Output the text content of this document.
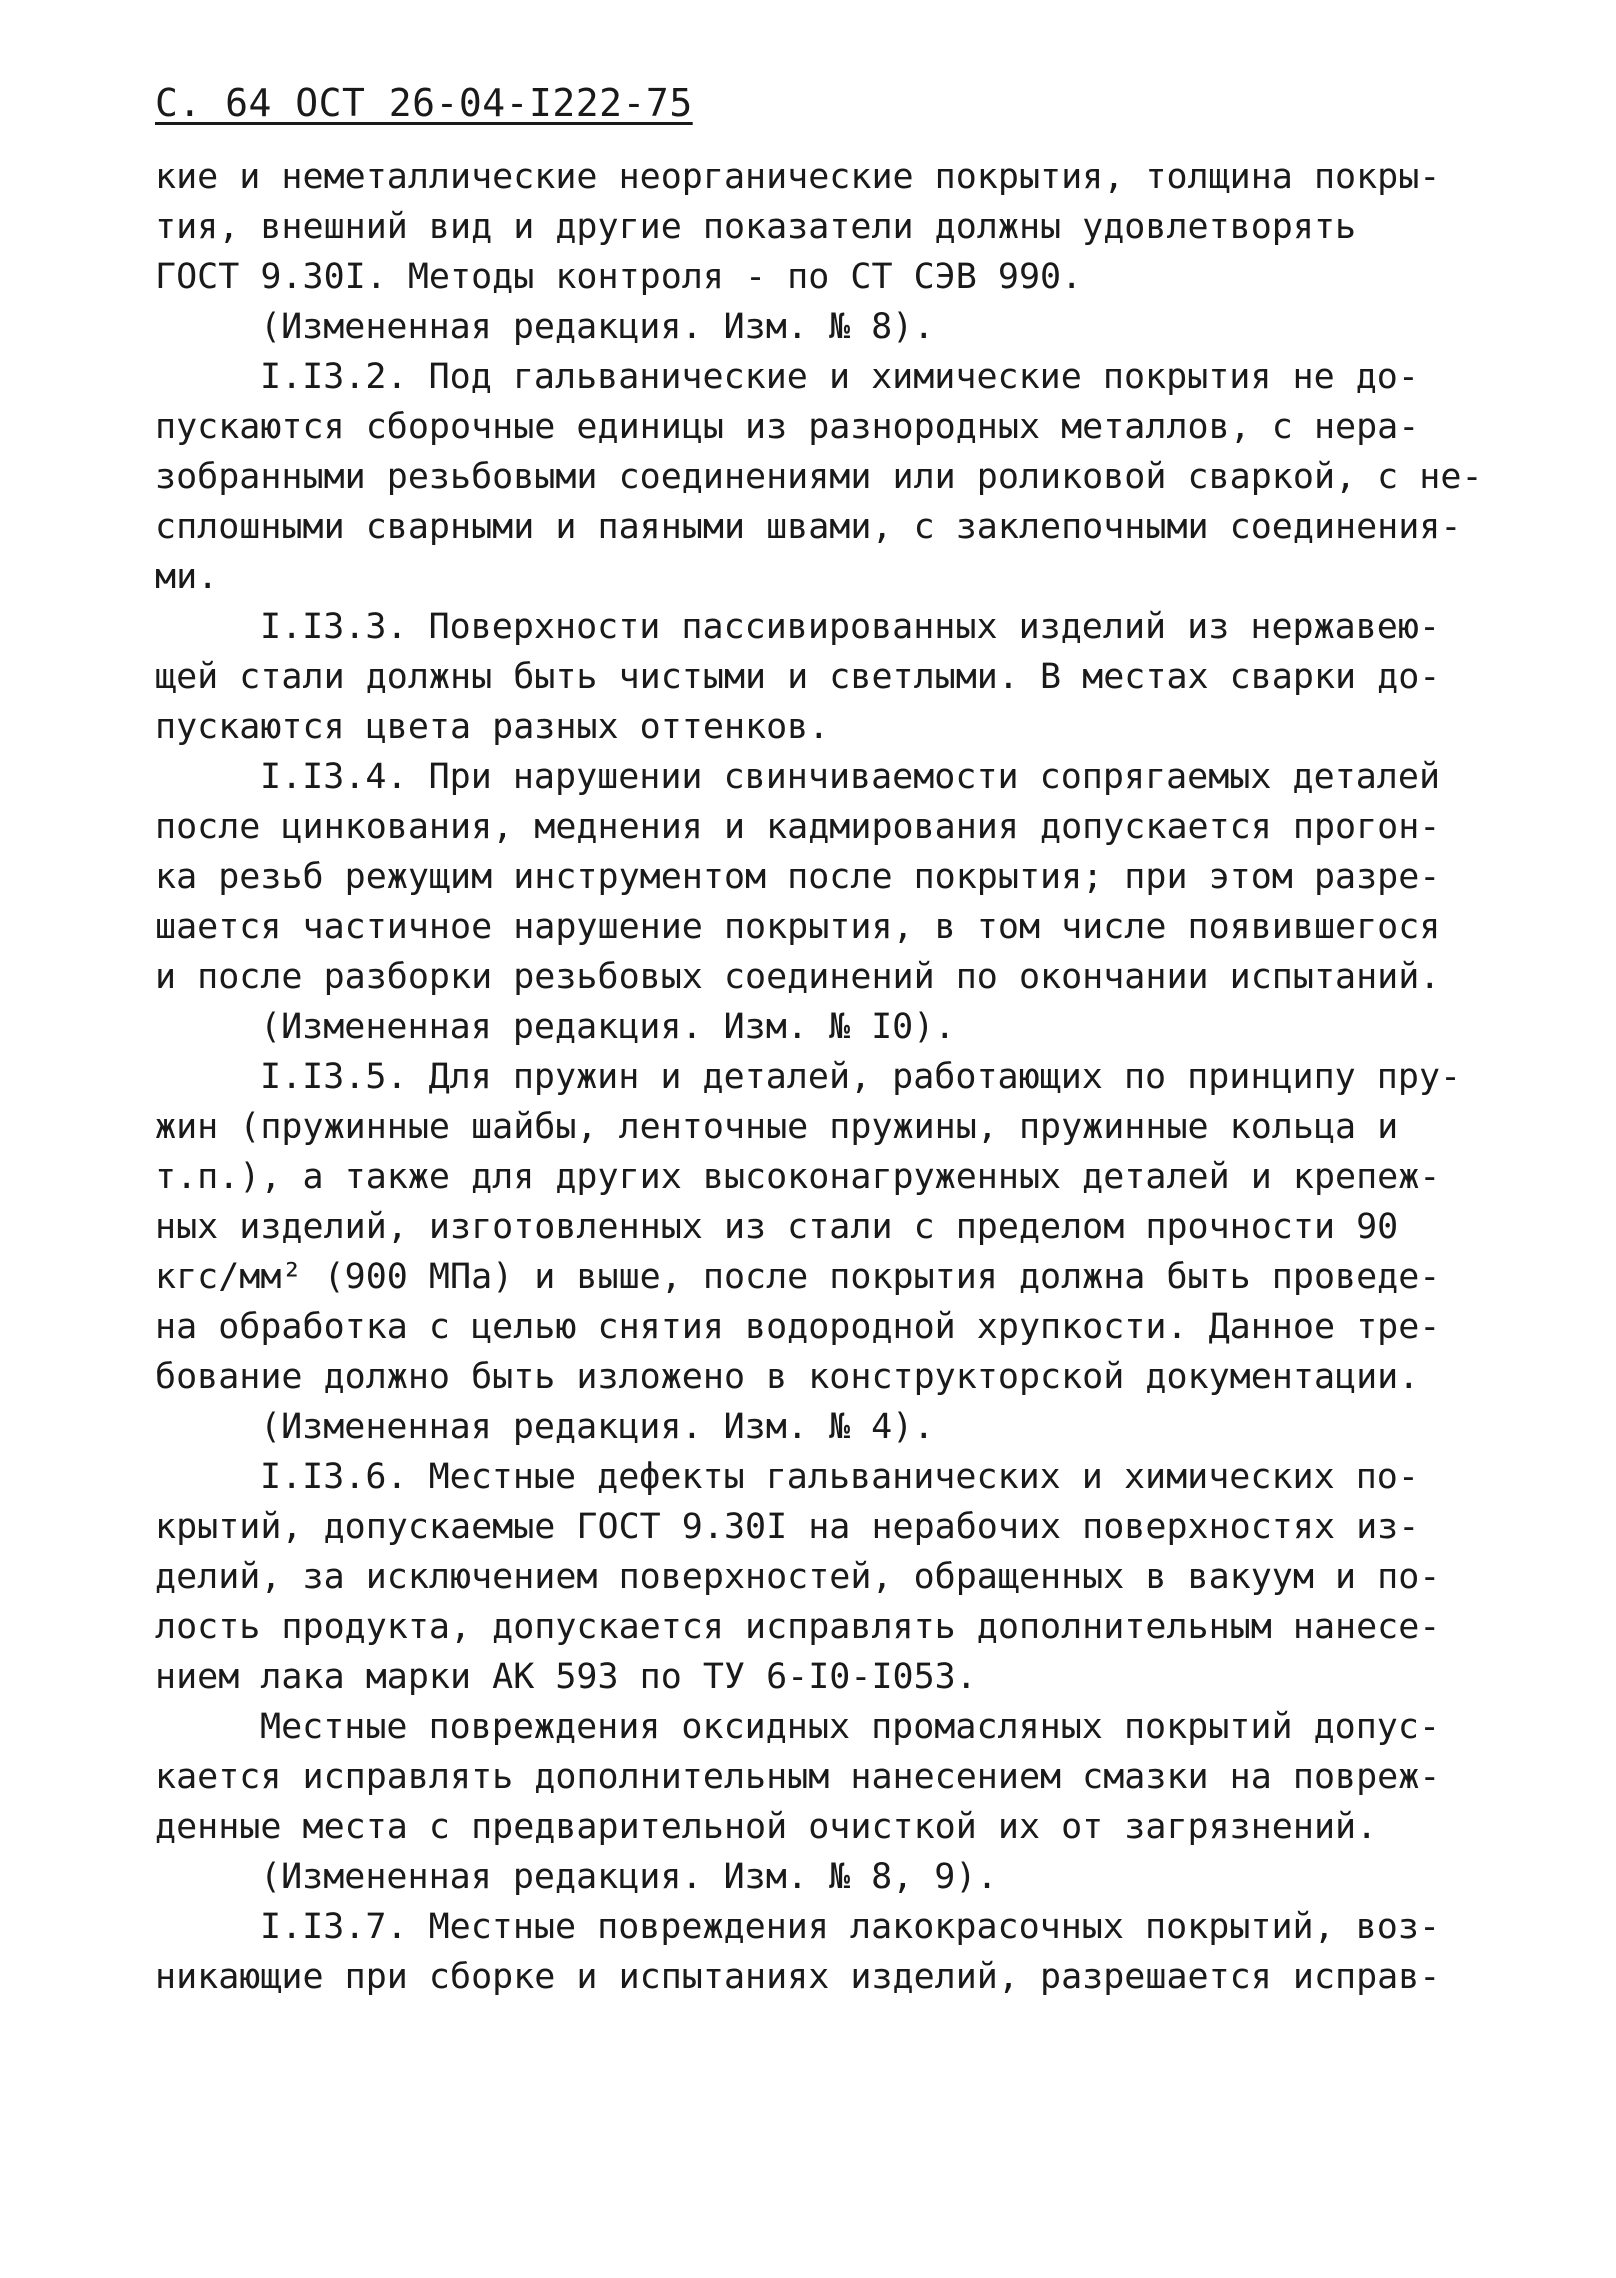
С. 64 ОСТ 26-04-I222-75
кие и неметаллические неорганические покрытия, толщина покры-
тия, внешний вид и другие показатели должны удовлетворять
ГОСТ 9.30I. Методы контроля - по СТ СЭВ 990.
(Измененная редакция. Изм. № 8).
I.I3.2. Под гальванические и химические покрытия не до-
пускаются сборочные единицы из разнородных металлов, с нера-
зобранными резьбовыми соединениями или роликовой сваркой, с не-
сплошными сварными и паяными швами, с заклепочными соединения-
ми.
I.I3.3. Поверхности пассивированных изделий из нержавею-
щей стали должны быть чистыми и светлыми. В местах сварки до-
пускаются цвета разных оттенков.
I.I3.4. При нарушении свинчиваемости сопрягаемых деталей
после цинкования, меднения и кадмирования допускается прогон-
ка резьб режущим инструментом после покрытия; при этом разре-
шается частичное нарушение покрытия, в том числе появившегося
и после разборки резьбовых соединений по окончании испытаний.
(Измененная редакция. Изм. № I0).
I.I3.5. Для пружин и деталей, работающих по принципу пру-
жин (пружинные шайбы, ленточные пружины, пружинные кольца и
т.п.), а также для других высоконагруженных деталей и крепеж-
ных изделий, изготовленных из стали с пределом прочности 90
кгс/мм² (900 МПа) и выше, после покрытия должна быть проведе-
на обработка с целью снятия водородной хрупкости. Данное тре-
бование должно быть изложено в конструкторской документации.
(Измененная редакция. Изм. № 4).
I.I3.6. Местные дефекты гальванических и химических по-
крытий, допускаемые ГОСТ 9.30I на нерабочих поверхностях из-
делий, за исключением поверхностей, обращенных в вакуум и по-
лость продукта, допускается исправлять дополнительным нанесе-
нием лака марки АК 593 по ТУ 6-I0-I053.
Местные повреждения оксидных промасляных покрытий допус-
кается исправлять дополнительным нанесением смазки на повреж-
денные места с предварительной очисткой их от загрязнений.
(Измененная редакция. Изм. № 8, 9).
I.I3.7. Местные повреждения лакокрасочных покрытий, воз-
никающие при сборке и испытаниях изделий, разрешается исправ-
